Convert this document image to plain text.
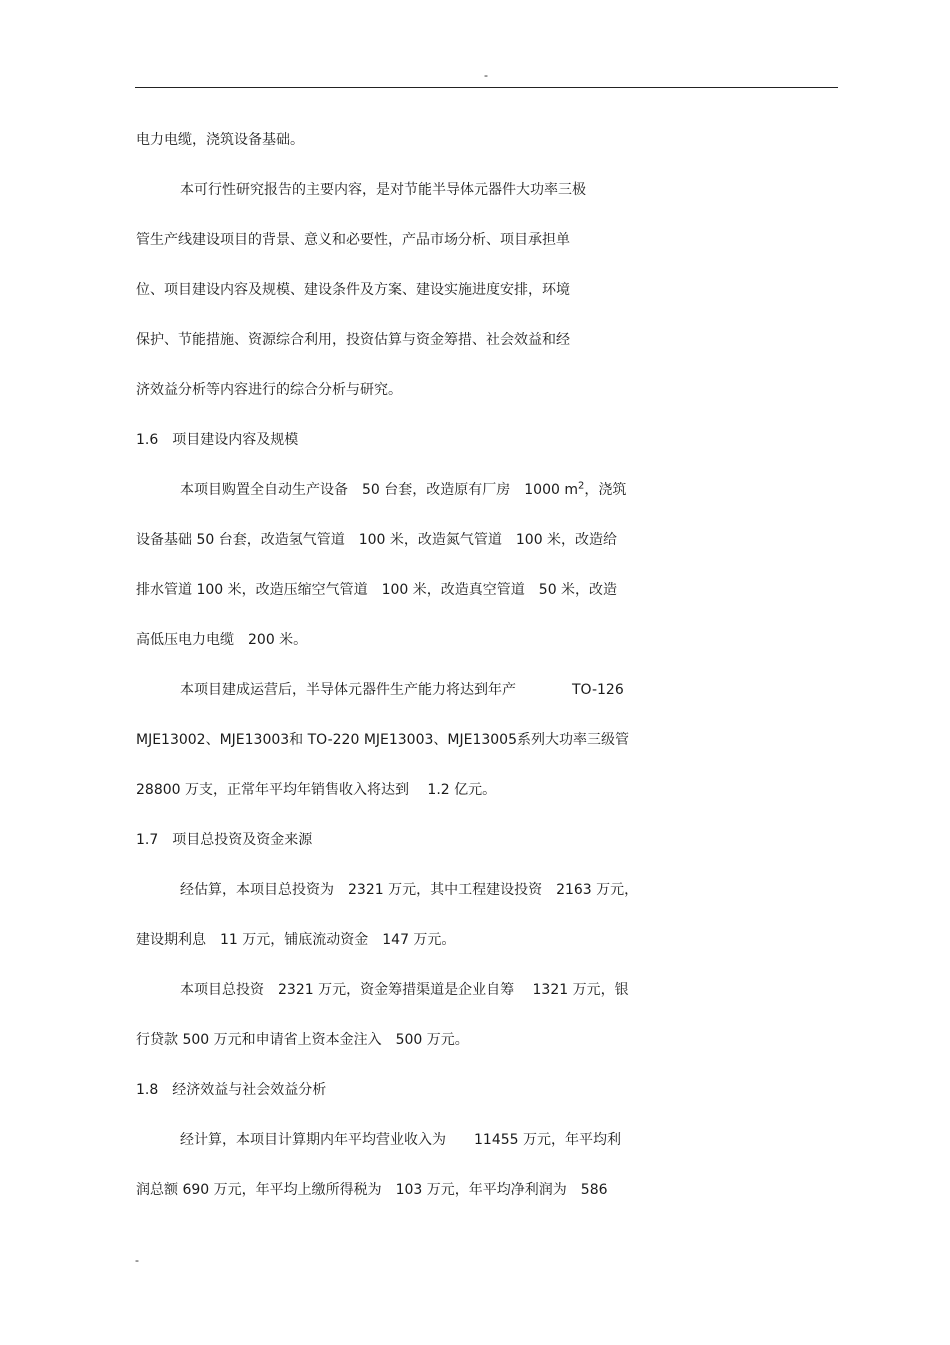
-
电力电缆，浇筑设备基础。
本可行性研究报告的主要内容，是对节能半导体元器件大功率三极
管生产线建设项目的背景、意义和必要性，产品市场分析、项目承担单
位、项目建设内容及规模、建设条件及方案、建设实施进度安排，环境
保护、节能措施、资源综合利用，投资估算与资金筹措、社会效益和经
济效益分析等内容进行的综合分析与研究。
1.6　项目建设内容及规模
本项目购置全自动生产设备　50 台套，改造原有厂房　1000 $m^2$，浇筑
设备基础 50 台套，改造氢气管道　100 米，改造氮气管道　100 米，改造给
排水管道 100 米，改造压缩空气管道　100 米，改造真空管道　50 米，改造
高低压电力电缆　200 米。
本项目建成运营后，半导体元器件生产能力将达到年产　　　　TO-126
MJE13002、MJE13003和 TO-220 MJE13003、MJE13005系列大功率三级管
28800 万支，正常年平均年销售收入将达到　 1.2 亿元。
1.7　项目总投资及资金来源
经估算，本项目总投资为　2321 万元，其中工程建设投资　2163 万元，
建设期利息　11 万元，铺底流动资金　147 万元。
本项目总投资　2321 万元，资金筹措渠道是企业自筹　 1321 万元，银
行贷款 500 万元和申请省上资本金注入　500 万元。
1.8　经济效益与社会效益分析
经计算，本项目计算期内年平均营业收入为　　11455 万元，年平均利
润总额 690 万元，年平均上缴所得税为　103 万元，年平均净利润为　586
-
